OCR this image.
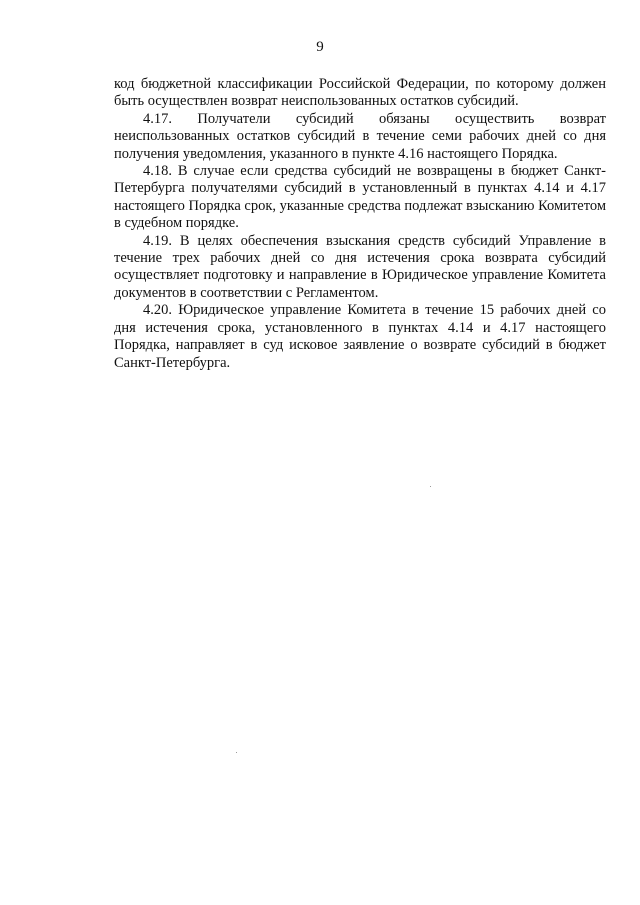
9

код бюджетной классификации Российской Федерации, по которому должен быть осуществлен возврат неиспользованных остатков субсидий.

4.17. Получатели субсидий обязаны осуществить возврат неиспользованных остатков субсидий в течение семи рабочих дней со дня получения уведомления, указанного в пункте 4.16 настоящего Порядка.

4.18. В случае если средства субсидий не возвращены в бюджет Санкт-Петербурга получателями субсидий в установленный в пунктах 4.14 и 4.17 настоящего Порядка срок, указанные средства подлежат взысканию Комитетом в судебном порядке.

4.19. В целях обеспечения взыскания средств субсидий Управление в течение трех рабочих дней со дня истечения срока возврата субсидий осуществляет подготовку и направление в Юридическое управление Комитета документов в соответствии с Регламентом.

4.20. Юридическое управление Комитета в течение 15 рабочих дней со дня истечения срока, установленного в пунктах 4.14 и 4.17 настоящего Порядка, направляет в суд исковое заявление о возврате субсидий в бюджет Санкт-Петербурга.
